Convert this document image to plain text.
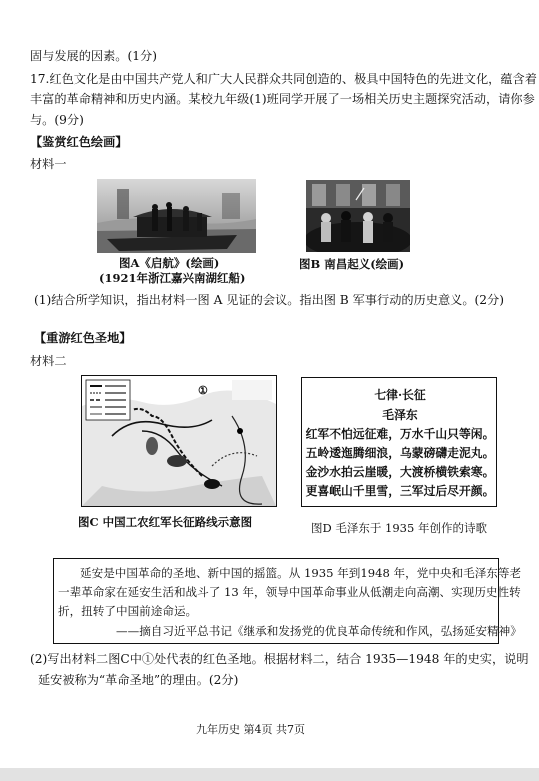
固与发展的因素。(1分)
17.红色文化是由中国共产党人和广大人民群众共同创造的、极具中国特色的先进文化，蕴含着
丰富的革命精神和历史内涵。某校九年级(1)班同学开展了一场相关历史主题探究活动，请你参
与。(9分)
【鉴赏红色绘画】
材料一
图A《启航》(绘画)
(1921年浙江嘉兴南湖红船)
图B 南昌起义(绘画)
(1)结合所学知识，指出材料一图 A 见证的会议。指出图 B 军事行动的历史意义。(2分)
【重游红色圣地】
材料二
①
图C 中国工农红军长征路线示意图
七律·长征
毛泽东
红军不怕远征难，万水千山只等闲。
五岭逶迤腾细浪，乌蒙磅礴走泥丸。
金沙水拍云崖暖，大渡桥横铁索寒。
更喜岷山千里雪，三军过后尽开颜。
图D 毛泽东于 1935 年创作的诗歌
延安是中国革命的圣地、新中国的摇篮。从 1935 年到1948 年，党中央和毛泽东等老
一辈革命家在延安生活和战斗了 13 年，领导中国革命事业从低潮走向高潮、实现历史性转
折，扭转了中国前途命运。
——摘自习近平总书记《继承和发扬党的优良革命传统和作风，弘扬延安精神》
(2)写出材料二图C中①处代表的红色圣地。根据材料二，结合 1935—1948 年的史实，说明
延安被称为“革命圣地”的理由。(2分)
九年历史 第4页 共7页
